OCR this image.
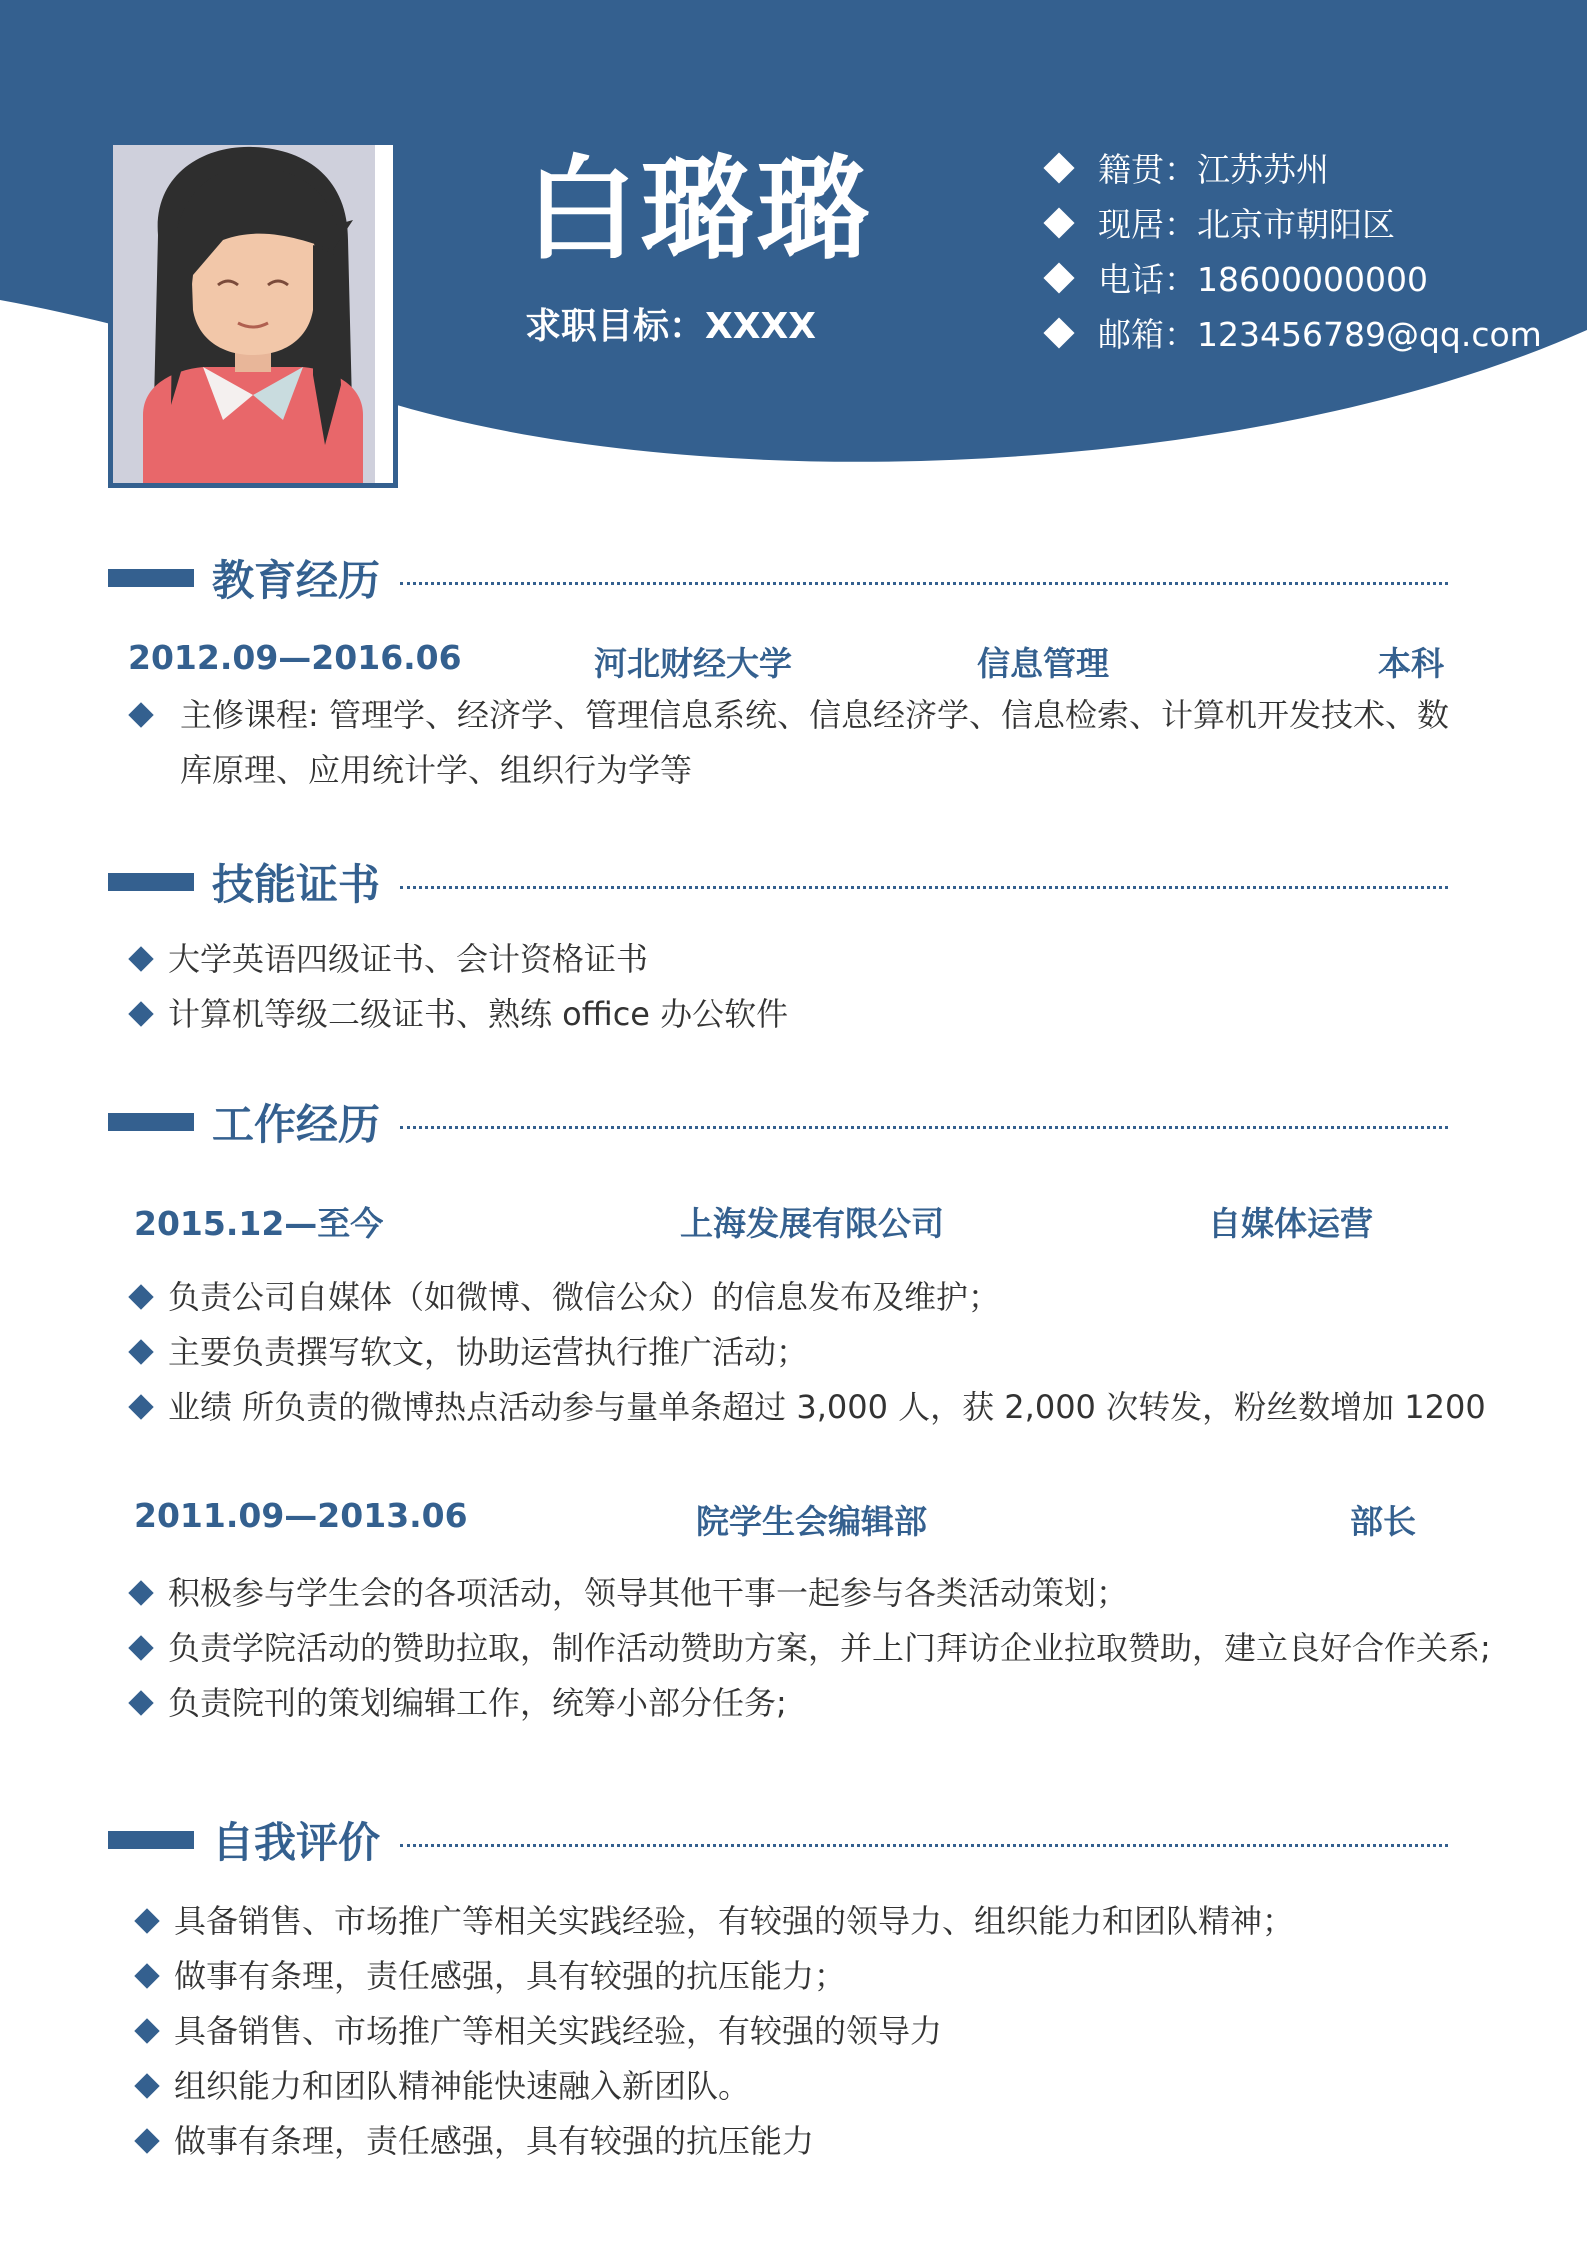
白璐璐
求职目标：XXXX
籍贯：江苏苏州
现居：北京市朝阳区
电话：18600000000
邮箱：123456789@qq.com
教育经历
2012.09—2016.06	河北财经大学	信息管理	本科
主修课程: 管理学、经济学、管理信息系统、信息经济学、信息检索、计算机开发技术、数库原理、应用统计学、组织行为学等
技能证书
大学英语四级证书、会计资格证书
计算机等级二级证书、熟练 office 办公软件
工作经历
2015.12—至今	上海发展有限公司	自媒体运营
负责公司自媒体（如微博、微信公众）的信息发布及维护；
主要负责撰写软文，协助运营执行推广活动；
业绩 所负责的微博热点活动参与量单条超过 3,000 人，获 2,000 次转发，粉丝数增加 1200
2011.09—2013.06	院学生会编辑部	部长
积极参与学生会的各项活动，领导其他干事一起参与各类活动策划；
负责学院活动的赞助拉取，制作活动赞助方案，并上门拜访企业拉取赞助，建立良好合作关系;
负责院刊的策划编辑工作，统筹小部分任务;
自我评价
具备销售、市场推广等相关实践经验，有较强的领导力、组织能力和团队精神；
做事有条理，责任感强，具有较强的抗压能力；
具备销售、市场推广等相关实践经验，有较强的领导力
组织能力和团队精神能快速融入新团队。
做事有条理，责任感强，具有较强的抗压能力
